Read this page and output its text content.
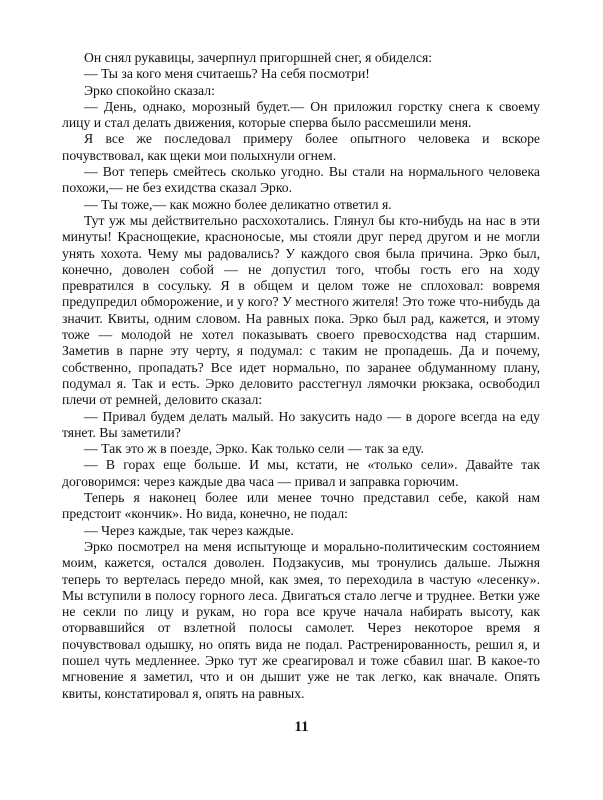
Он снял рукавицы, зачерпнул пригоршней снег, я обиделся:

— Ты за кого меня считаешь? На себя посмотри!

Эрко спокойно сказал:

— День, однако, морозный будет.— Он приложил горстку снега к своему лицу и стал делать движения, которые сперва было рассмешили меня.

Я все же последовал примеру более опытного человека и вскоре почувствовал, как щеки мои полыхнули огнем.

— Вот теперь смейтесь сколько угодно. Вы стали на нормального человека похожи,— не без ехидства сказал Эрко.

— Ты тоже,— как можно более деликатно ответил я.

Тут уж мы действительно расхохотались. Глянул бы кто-нибудь на нас в эти минуты! Краснощекие, красноносые, мы стояли друг перед другом и не могли унять хохота. Чему мы радовались? У каждого своя была причина. Эрко был, конечно, доволен собой — не допустил того, чтобы гость его на ходу превратился в сосульку. Я в общем и целом тоже не сплоховал: вовремя предупредил обморожение, и у кого? У местного жителя! Это тоже что-нибудь да значит. Квиты, одним словом. На равных пока. Эрко был рад, кажется, и этому тоже — молодой не хотел показывать своего превосходства над старшим. Заметив в парне эту черту, я подумал: с таким не пропадешь. Да и почему, собственно, пропадать? Все идет нормально, по заранее обдуманному плану, подумал я. Так и есть. Эрко деловито расстегнул лямочки рюкзака, освободил плечи от ремней, деловито сказал:

— Привал будем делать малый. Но закусить надо — в дороге всегда на еду тянет. Вы заметили?

— Так это ж в поезде, Эрко. Как только сели — так за еду.

— В горах еще больше. И мы, кстати, не «только сели». Давайте так договоримся: через каждые два часа — привал и заправка горючим.

Теперь я наконец более или менее точно представил себе, какой нам предстоит «кончик». Но вида, конечно, не подал:

— Через каждые, так через каждые.

Эрко посмотрел на меня испытующе и морально-политическим состоянием моим, кажется, остался доволен. Подзакусив, мы тронулись дальше. Лыжня теперь то вертелась передо мной, как змея, то переходила в частую «лесенку». Мы вступили в полосу горного леса. Двигаться стало легче и труднее. Ветки уже не секли по лицу и рукам, но гора все круче начала набирать высоту, как оторвавшийся от взлетной полосы самолет. Через некоторое время я почувствовал одышку, но опять вида не подал. Растренированность, решил я, и пошел чуть медленнее. Эрко тут же среагировал и тоже сбавил шаг. В какое-то мгновение я заметил, что и он дышит уже не так легко, как вначале. Опять квиты, констатировал я, опять на равных.

11
